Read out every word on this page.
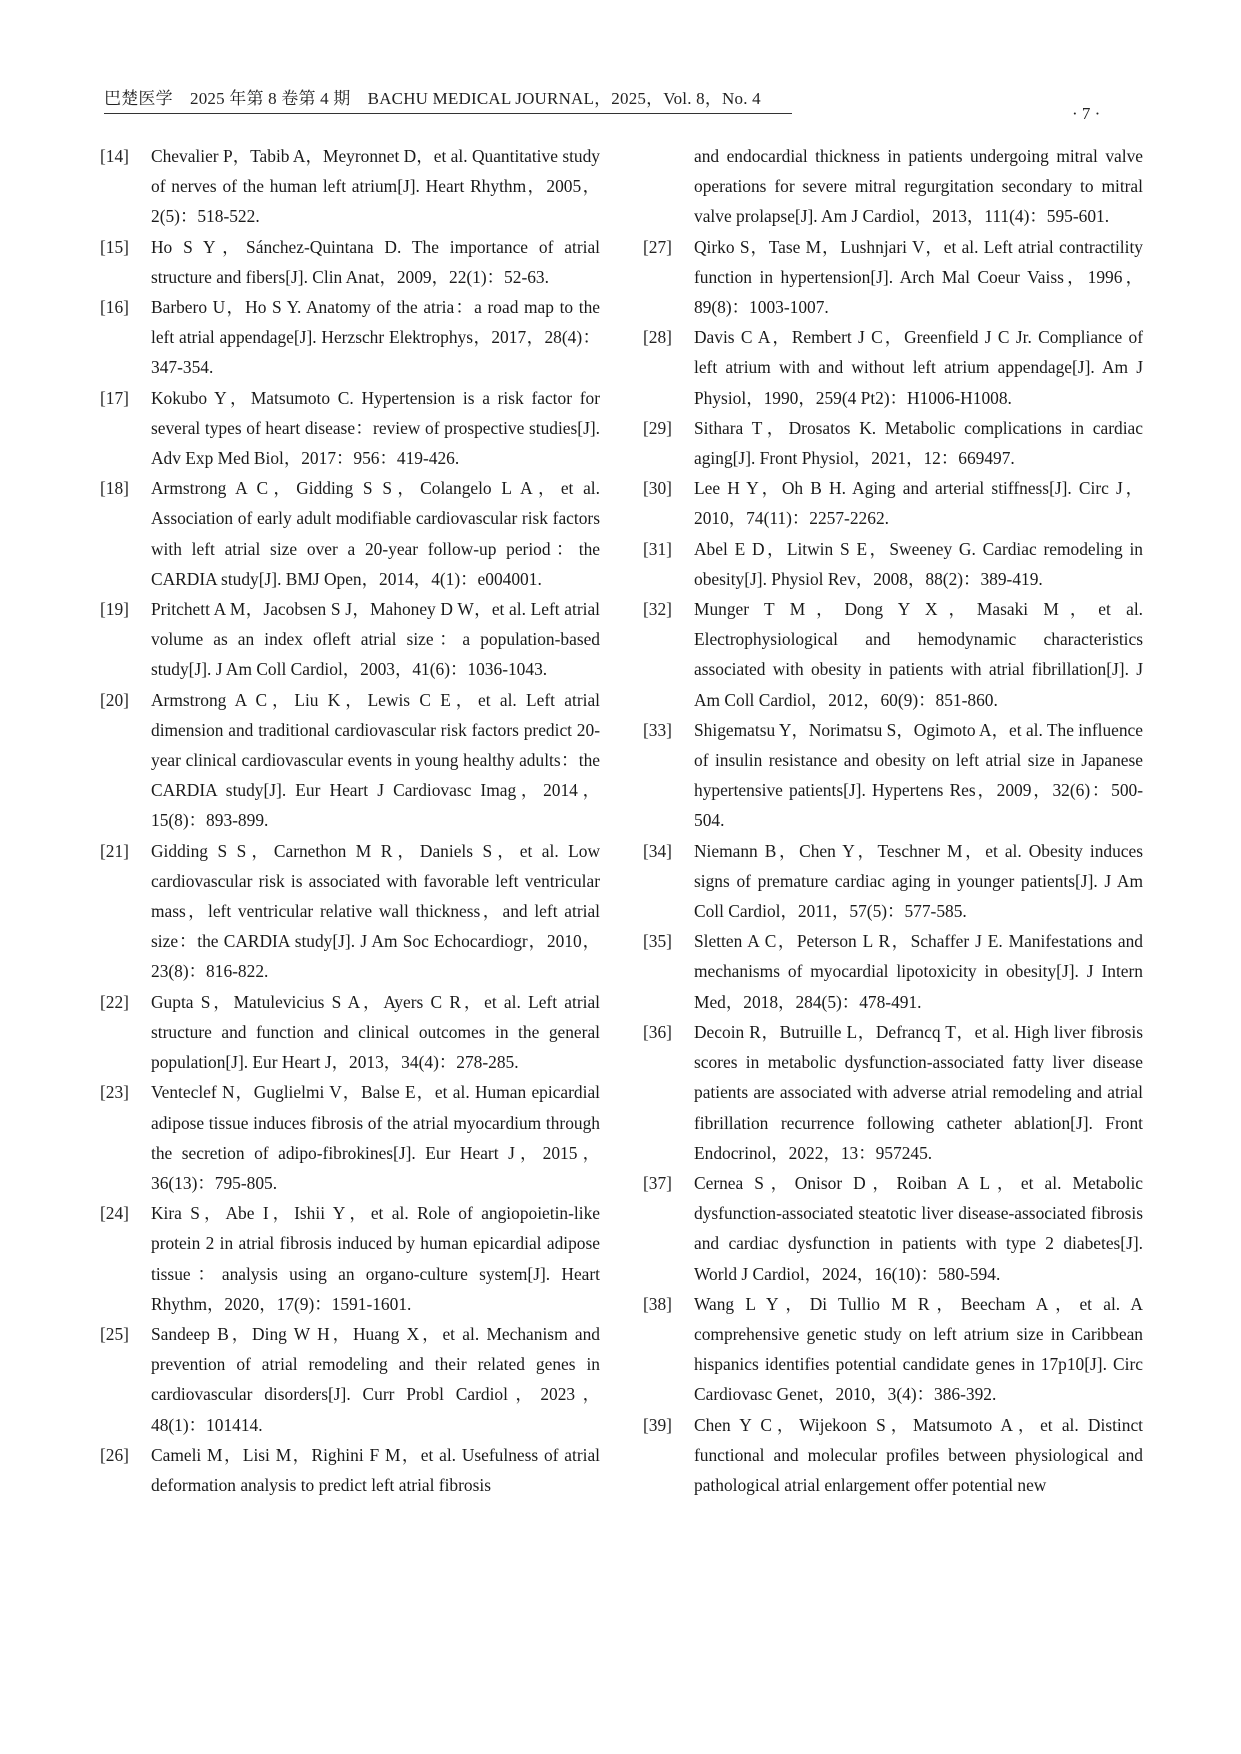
巴楚医学　2025 年第 8 卷第 4 期　BACHU MEDICAL JOURNAL，2025，Vol. 8，No. 4
· 7 ·
[14]	Chevalier P，Tabib A，Meyronnet D，et al. Quantitative study of nerves of the human left atrium[J]. Heart Rhythm，2005，2(5)：518-522.
[15]	Ho S Y，Sánchez-Quintana D. The importance of atrial structure and fibers[J]. Clin Anat，2009，22(1)：52-63.
[16]	Barbero U，Ho S Y. Anatomy of the atria：a road map to the left atrial appendage[J]. Herzschr Elektrophys，2017，28(4)：347-354.
[17]	Kokubo Y，Matsumoto C. Hypertension is a risk factor for several types of heart disease：review of prospective studies[J]. Adv Exp Med Biol，2017：956：419-426.
[18]	Armstrong A C，Gidding S S，Colangelo L A，et al. Association of early adult modifiable cardiovascular risk factors with left atrial size over a 20-year follow-up period：the CARDIA study[J]. BMJ Open，2014，4(1)：e004001.
[19]	Pritchett A M，Jacobsen S J，Mahoney D W，et al. Left atrial volume as an index ofleft atrial size：a population-based study[J]. J Am Coll Cardiol，2003，41(6)：1036-1043.
[20]	Armstrong A C，Liu K，Lewis C E，et al. Left atrial dimension and traditional cardiovascular risk factors predict 20-year clinical cardiovascular events in young healthy adults：the CARDIA study[J]. Eur Heart J Cardiovasc Imag，2014，15(8)：893-899.
[21]	Gidding S S，Carnethon M R，Daniels S，et al. Low cardiovascular risk is associated with favorable left ventricular mass，left ventricular relative wall thickness，and left atrial size：the CARDIA study[J]. J Am Soc Echocardiogr，2010，23(8)：816-822.
[22]	Gupta S，Matulevicius S A，Ayers C R，et al. Left atrial structure and function and clinical outcomes in the general population[J]. Eur Heart J，2013，34(4)：278-285.
[23]	Venteclef N，Guglielmi V，Balse E，et al. Human epicardial adipose tissue induces fibrosis of the atrial myocardium through the secretion of adipo-fibrokines[J]. Eur Heart J，2015，36(13)：795-805.
[24]	Kira S，Abe I，Ishii Y，et al. Role of angiopoietin-like protein 2 in atrial fibrosis induced by human epicardial adipose tissue：analysis using an organo-culture system[J]. Heart Rhythm，2020，17(9)：1591-1601.
[25]	Sandeep B，Ding W H，Huang X，et al. Mechanism and prevention of atrial remodeling and their related genes in cardiovascular disorders[J]. Curr Probl Cardiol，2023，48(1)：101414.
[26]	Cameli M，Lisi M，Righini F M，et al. Usefulness of atrial deformation analysis to predict left atrial fibrosis
and endocardial thickness in patients undergoing mitral valve operations for severe mitral regurgitation secondary to mitral valve prolapse[J]. Am J Cardiol，2013，111(4)：595-601.
[27]	Qirko S，Tase M，Lushnjari V，et al. Left atrial contractility function in hypertension[J]. Arch Mal Coeur Vaiss，1996，89(8)：1003-1007.
[28]	Davis C A，Rembert J C，Greenfield J C Jr. Compliance of left atrium with and without left atrium appendage[J]. Am J Physiol，1990，259(4 Pt2)：H1006-H1008.
[29]	Sithara T，Drosatos K. Metabolic complications in cardiac aging[J]. Front Physiol，2021，12：669497.
[30]	Lee H Y，Oh B H. Aging and arterial stiffness[J]. Circ J，2010，74(11)：2257-2262.
[31]	Abel E D，Litwin S E，Sweeney G. Cardiac remodeling in obesity[J]. Physiol Rev，2008，88(2)：389-419.
[32]	Munger T M，Dong Y X，Masaki M，et al. Electrophysiological and hemodynamic characteristics associated with obesity in patients with atrial fibrillation[J]. J Am Coll Cardiol，2012，60(9)：851-860.
[33]	Shigematsu Y，Norimatsu S，Ogimoto A，et al. The influence of insulin resistance and obesity on left atrial size in Japanese hypertensive patients[J]. Hypertens Res，2009，32(6)：500-504.
[34]	Niemann B，Chen Y，Teschner M，et al. Obesity induces signs of premature cardiac aging in younger patients[J]. J Am Coll Cardiol，2011，57(5)：577-585.
[35]	Sletten A C，Peterson L R，Schaffer J E. Manifestations and mechanisms of myocardial lipotoxicity in obesity[J]. J Intern Med，2018，284(5)：478-491.
[36]	Decoin R，Butruille L，Defrancq T，et al. High liver fibrosis scores in metabolic dysfunction-associated fatty liver disease patients are associated with adverse atrial remodeling and atrial fibrillation recurrence following catheter ablation[J]. Front Endocrinol，2022，13：957245.
[37]	Cernea S，Onisor D，Roiban A L，et al. Metabolic dysfunction-associated steatotic liver disease-associated fibrosis and cardiac dysfunction in patients with type 2 diabetes[J]. World J Cardiol，2024，16(10)：580-594.
[38]	Wang L Y，Di Tullio M R，Beecham A，et al. A comprehensive genetic study on left atrium size in Caribbean hispanics identifies potential candidate genes in 17p10[J]. Circ Cardiovasc Genet，2010，3(4)：386-392.
[39]	Chen Y C，Wijekoon S，Matsumoto A，et al. Distinct functional and molecular profiles between physiological and pathological atrial enlargement offer potential new
